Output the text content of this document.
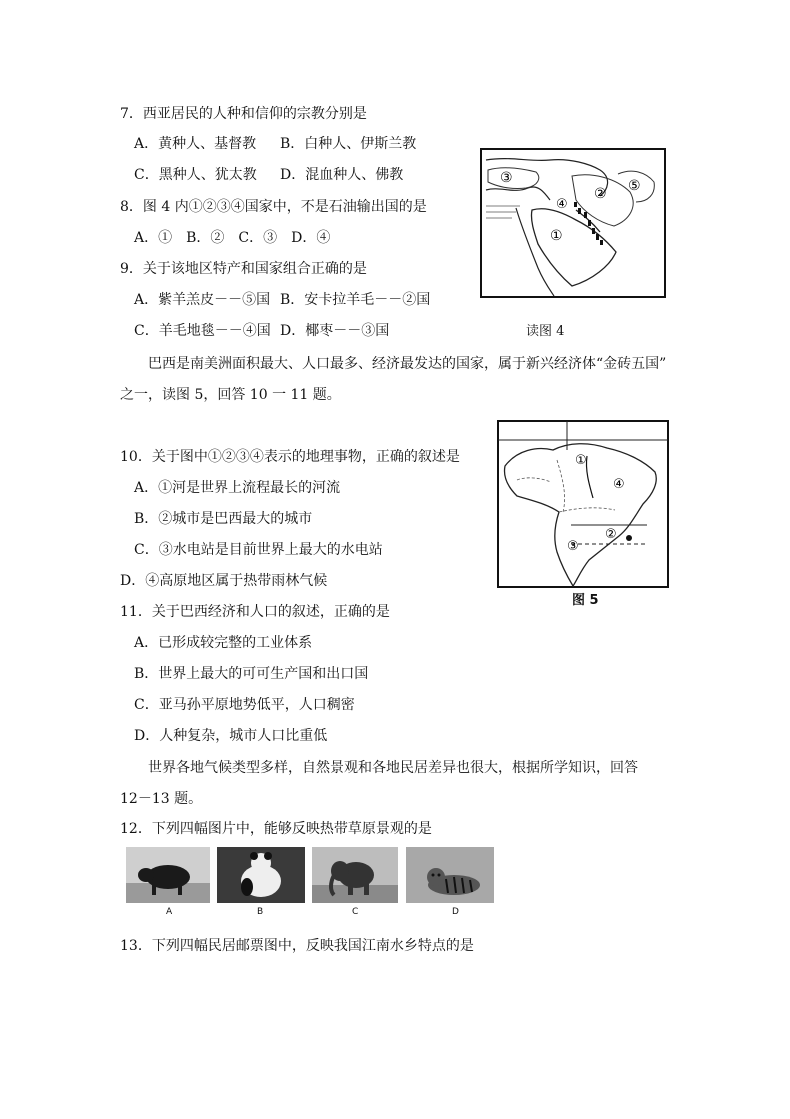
7．西亚居民的人种和信仰的宗教分别是
A．黄种人、基督教 B．白种人、伊斯兰教
C．黑种人、犹太教 D．混血种人、佛教
8．图 4 内①②③④国家中，不是石油输出国的是
A．①　B．②　C．③　D．④
9．关于该地区特产和国家组合正确的是
A．紫羊羔皮－－⑤国 B．安卡拉羊毛－－②国
C．羊毛地毯－－④国 D．椰枣－－③国
①
②
③
④
⑤
读图 4
巴西是南美洲面积最大、人口最多、经济最发达的国家，属于新兴经济体“金砖五国”
之一，读图 5，回答 10 一 11 题。
10．关于图中①②③④表示的地理事物，正确的叙述是
A．①河是世界上流程最长的河流
B．②城市是巴西最大的城市
C．③水电站是目前世界上最大的水电站
D．④高原地区属于热带雨林气候
①
②
③
④
图 5
11．关于巴西经济和人口的叙述，正确的是
A．已形成较完整的工业体系
B．世界上最大的可可生产国和出口国
C．亚马孙平原地势低平，人口稠密
D．人种复杂，城市人口比重低
世界各地气候类型多样，自然景观和各地民居差异也很大，根据所学知识，回答
12－13 题。
12．下列四幅图片中，能够反映热带草原景观的是
A	B	C	D
13．下列四幅民居邮票图中，反映我国江南水乡特点的是
